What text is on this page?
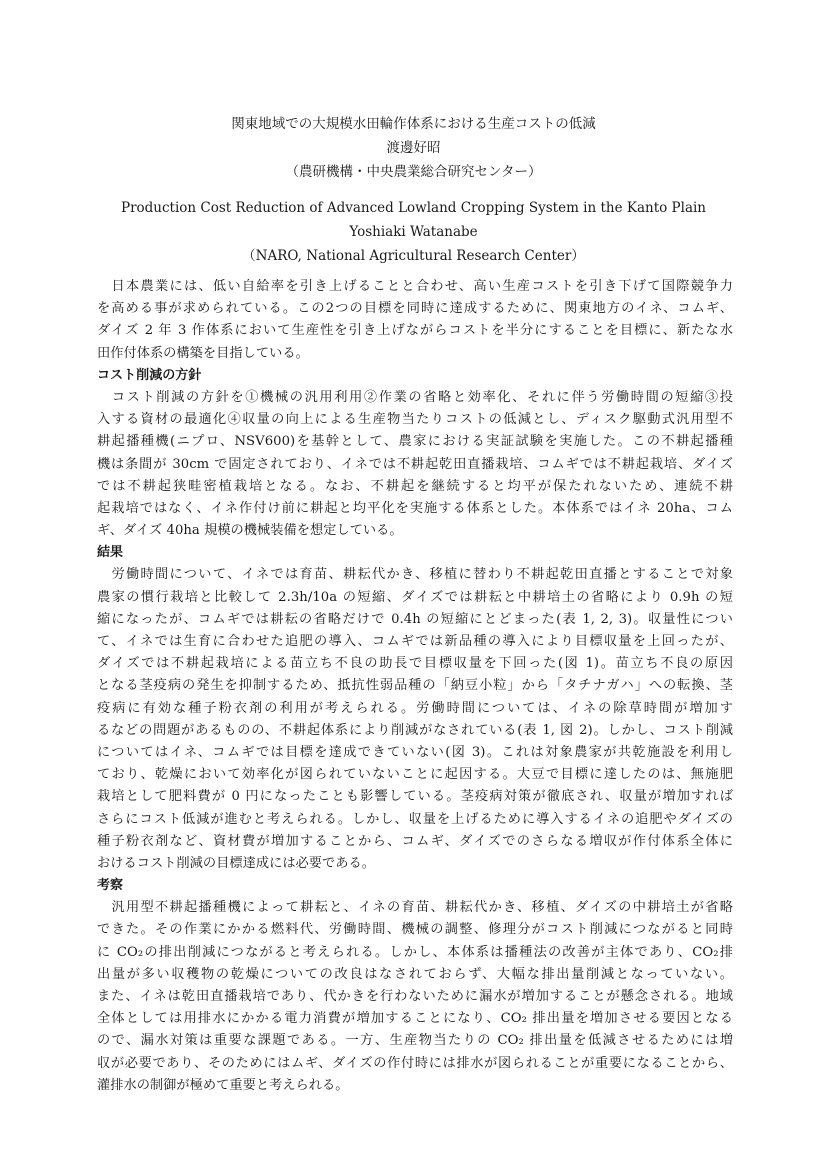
関東地域での大規模水田輪作体系における生産コストの低減
渡邊好昭
（農研機構・中央農業総合研究センター）
Production Cost Reduction of Advanced Lowland Cropping System in the Kanto Plain
Yoshiaki Watanabe
（NARO, National Agricultural Research Center）
　日本農業には、低い自給率を引き上げることと合わせ、高い生産コストを引き下げて国際競争力
を高める事が求められている。この2つの目標を同時に達成するために、関東地方のイネ、コムギ、
ダイズ 2 年 3 作体系において生産性を引き上げながらコストを半分にすることを目標に、新たな水
田作付体系の構築を目指している。
コスト削減の方針
　コスト削減の方針を①機械の汎用利用②作業の省略と効率化、それに伴う労働時間の短縮③投
入する資材の最適化④収量の向上による生産物当たりコストの低減とし、ディスク駆動式汎用型不
耕起播種機(ニプロ、NSV600)を基幹として、農家における実証試験を実施した。この不耕起播種
機は条間が 30cm で固定されており、イネでは不耕起乾田直播栽培、コムギでは不耕起栽培、ダイズ
では不耕起狭畦密植栽培となる。なお、不耕起を継続すると均平が保たれないため、連続不耕
起栽培ではなく、イネ作付け前に耕起と均平化を実施する体系とした。本体系ではイネ 20ha、コム
ギ、ダイズ 40ha 規模の機械装備を想定している。
結果
　労働時間について、イネでは育苗、耕耘代かき、移植に替わり不耕起乾田直播とすることで対象
農家の慣行栽培と比較して 2.3h/10a の短縮、ダイズでは耕耘と中耕培土の省略により 0.9h の短
縮になったが、コムギでは耕耘の省略だけで 0.4h の短縮にとどまった(表 1, 2, 3)。収量性につい
て、イネでは生育に合わせた追肥の導入、コムギでは新品種の導入により目標収量を上回ったが、
ダイズでは不耕起栽培による苗立ち不良の助長で目標収量を下回った(図 1)。苗立ち不良の原因
となる茎疫病の発生を抑制するため、抵抗性弱品種の「納豆小粒」から「タチナガハ」への転換、茎
疫病に有効な種子粉衣剤の利用が考えられる。労働時間については、イネの除草時間が増加す
るなどの問題があるものの、不耕起体系により削減がなされている(表 1, 図 2)。しかし、コスト削減
についてはイネ、コムギでは目標を達成できていない(図 3)。これは対象農家が共乾施設を利用し
ており、乾燥において効率化が図られていないことに起因する。大豆で目標に達したのは、無施肥
栽培として肥料費が 0 円になったことも影響している。茎疫病対策が徹底され、収量が増加すれば
さらにコスト低減が進むと考えられる。しかし、収量を上げるために導入するイネの追肥やダイズの
種子粉衣剤など、資材費が増加することから、コムギ、ダイズでのさらなる増収が作付体系全体に
おけるコスト削減の目標達成には必要である。
考察
　汎用型不耕起播種機によって耕耘と、イネの育苗、耕耘代かき、移植、ダイズの中耕培土が省略
できた。その作業にかかる燃料代、労働時間、機械の調整、修理分がコスト削減につながると同時
に CO₂の排出削減につながると考えられる。しかし、本体系は播種法の改善が主体であり、CO₂排
出量が多い収穫物の乾燥についての改良はなされておらず、大幅な排出量削減となっていない。
また、イネは乾田直播栽培であり、代かきを行わないために漏水が増加することが懸念される。地域
全体としては用排水にかかる電力消費が増加することになり、CO₂ 排出量を増加させる要因となる
ので、漏水対策は重要な課題である。一方、生産物当たりの CO₂ 排出量を低減させるためには増
収が必要であり、そのためにはムギ、ダイズの作付時には排水が図られることが重要になることから、
灌排水の制御が極めて重要と考えられる。
